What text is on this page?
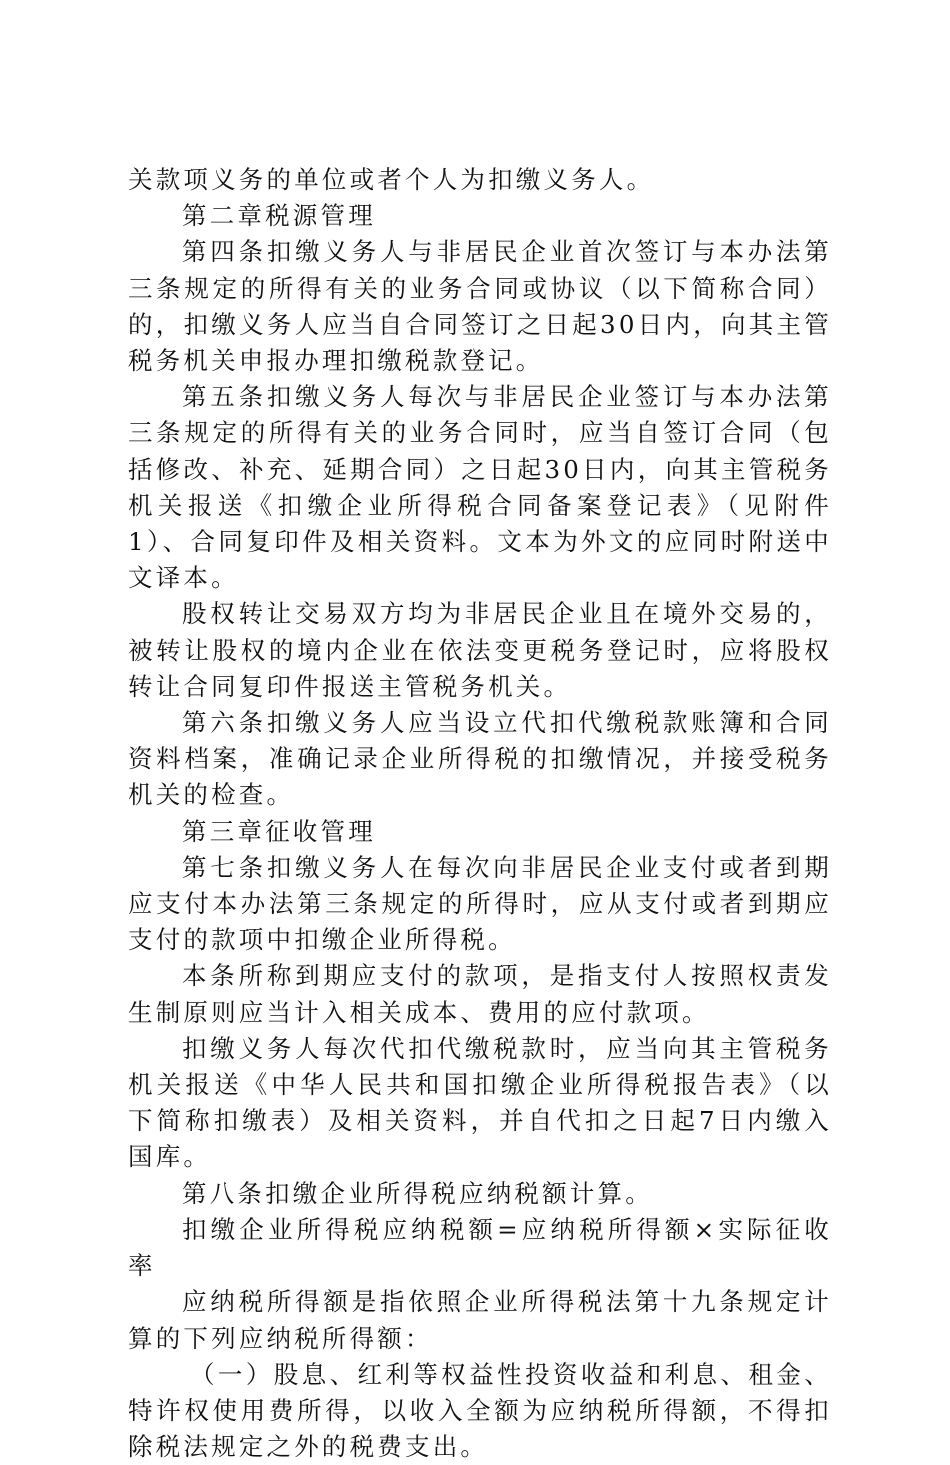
关款项义务的单位或者个人为扣缴义务人。

第二章税源管理

第四条扣缴义务人与非居民企业首次签订与本办法第三条规定的所得有关的业务合同或协议（以下简称合同）的，扣缴义务人应当自合同签订之日起30日内，向其主管税务机关申报办理扣缴税款登记。

第五条扣缴义务人每次与非居民企业签订与本办法第三条规定的所得有关的业务合同时，应当自签订合同（包括修改、补充、延期合同）之日起30日内，向其主管税务机关报送《扣缴企业所得税合同备案登记表》（见附件1）、合同复印件及相关资料。文本为外文的应同时附送中文译本。

股权转让交易双方均为非居民企业且在境外交易的，被转让股权的境内企业在依法变更税务登记时，应将股权转让合同复印件报送主管税务机关。

第六条扣缴义务人应当设立代扣代缴税款账簿和合同资料档案，准确记录企业所得税的扣缴情况，并接受税务机关的检查。

第三章征收管理

第七条扣缴义务人在每次向非居民企业支付或者到期应支付本办法第三条规定的所得时，应从支付或者到期应支付的款项中扣缴企业所得税。

本条所称到期应支付的款项，是指支付人按照权责发生制原则应当计入相关成本、费用的应付款项。

扣缴义务人每次代扣代缴税款时，应当向其主管税务机关报送《中华人民共和国扣缴企业所得税报告表》（以下简称扣缴表）及相关资料，并自代扣之日起7日内缴入国库。

第八条扣缴企业所得税应纳税额计算。

扣缴企业所得税应纳税额=应纳税所得额×实际征收率

应纳税所得额是指依照企业所得税法第十九条规定计算的下列应纳税所得额：

（一）股息、红利等权益性投资收益和利息、租金、特许权使用费所得，以收入全额为应纳税所得额，不得扣除税法规定之外的税费支出。
